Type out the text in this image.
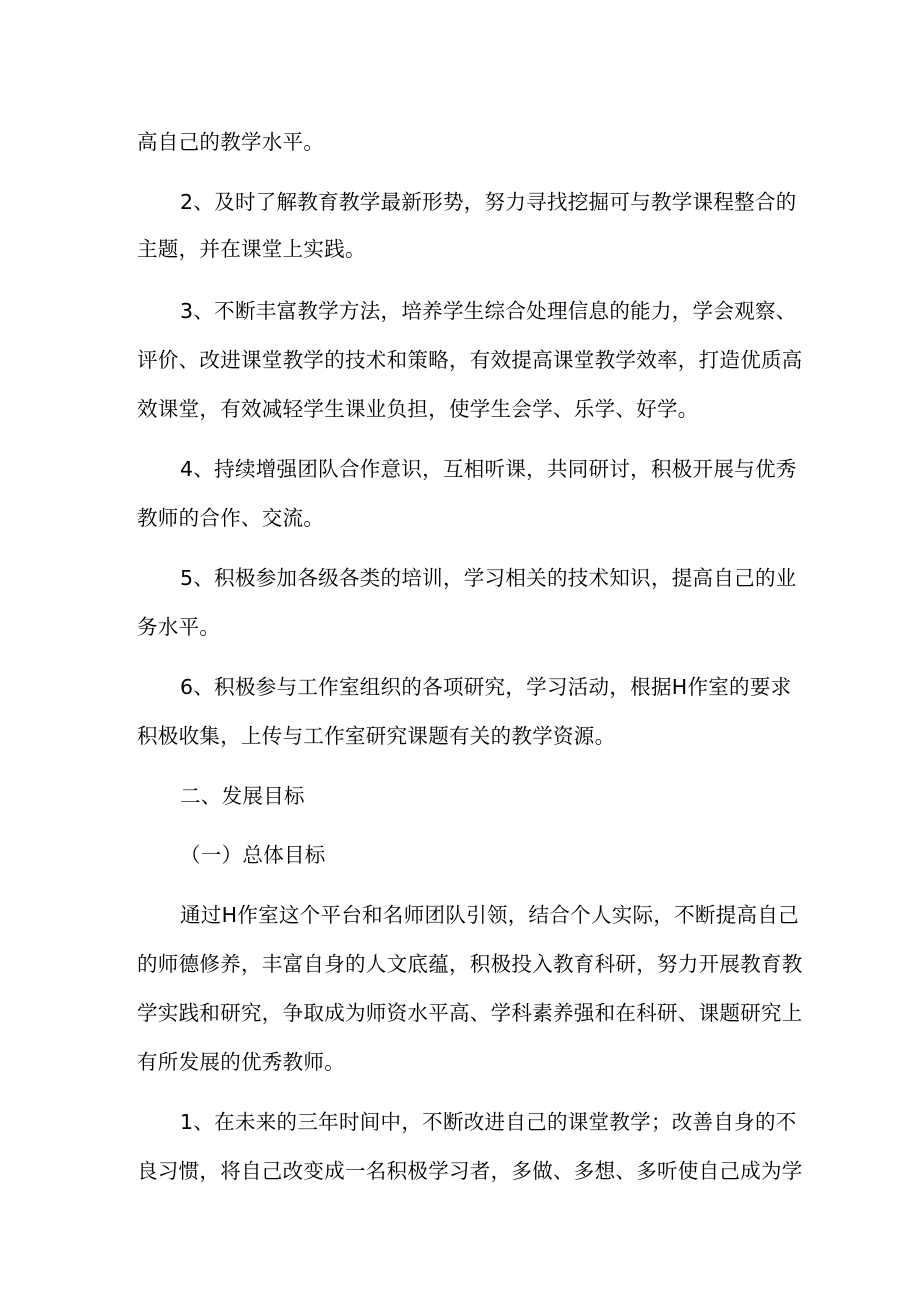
高自己的教学水平。
2、及时了解教育教学最新形势，努力寻找挖掘可与教学课程整合的
主题，并在课堂上实践。
3、不断丰富教学方法，培养学生综合处理信息的能力，学会观察、
评价、改进课堂教学的技术和策略，有效提高课堂教学效率，打造优质高
效课堂，有效减轻学生课业负担，使学生会学、乐学、好学。
4、持续增强团队合作意识，互相听课，共同研讨，积极开展与优秀
教师的合作、交流。
5、积极参加各级各类的培训，学习相关的技术知识，提高自己的业
务水平。
6、积极参与工作室组织的各项研究，学习活动，根据H作室的要求
积极收集，上传与工作室研究课题有关的教学资源。
二、发展目标
（一）总体目标
通过H作室这个平台和名师团队引领，结合个人实际，不断提高自己
的师德修养，丰富自身的人文底蕴，积极投入教育科研，努力开展教育教
学实践和研究，争取成为师资水平高、学科素养强和在科研、课题研究上
有所发展的优秀教师。
1、在未来的三年时间中，不断改进自己的课堂教学；改善自身的不
良习惯，将自己改变成一名积极学习者，多做、多想、多听使自己成为学
